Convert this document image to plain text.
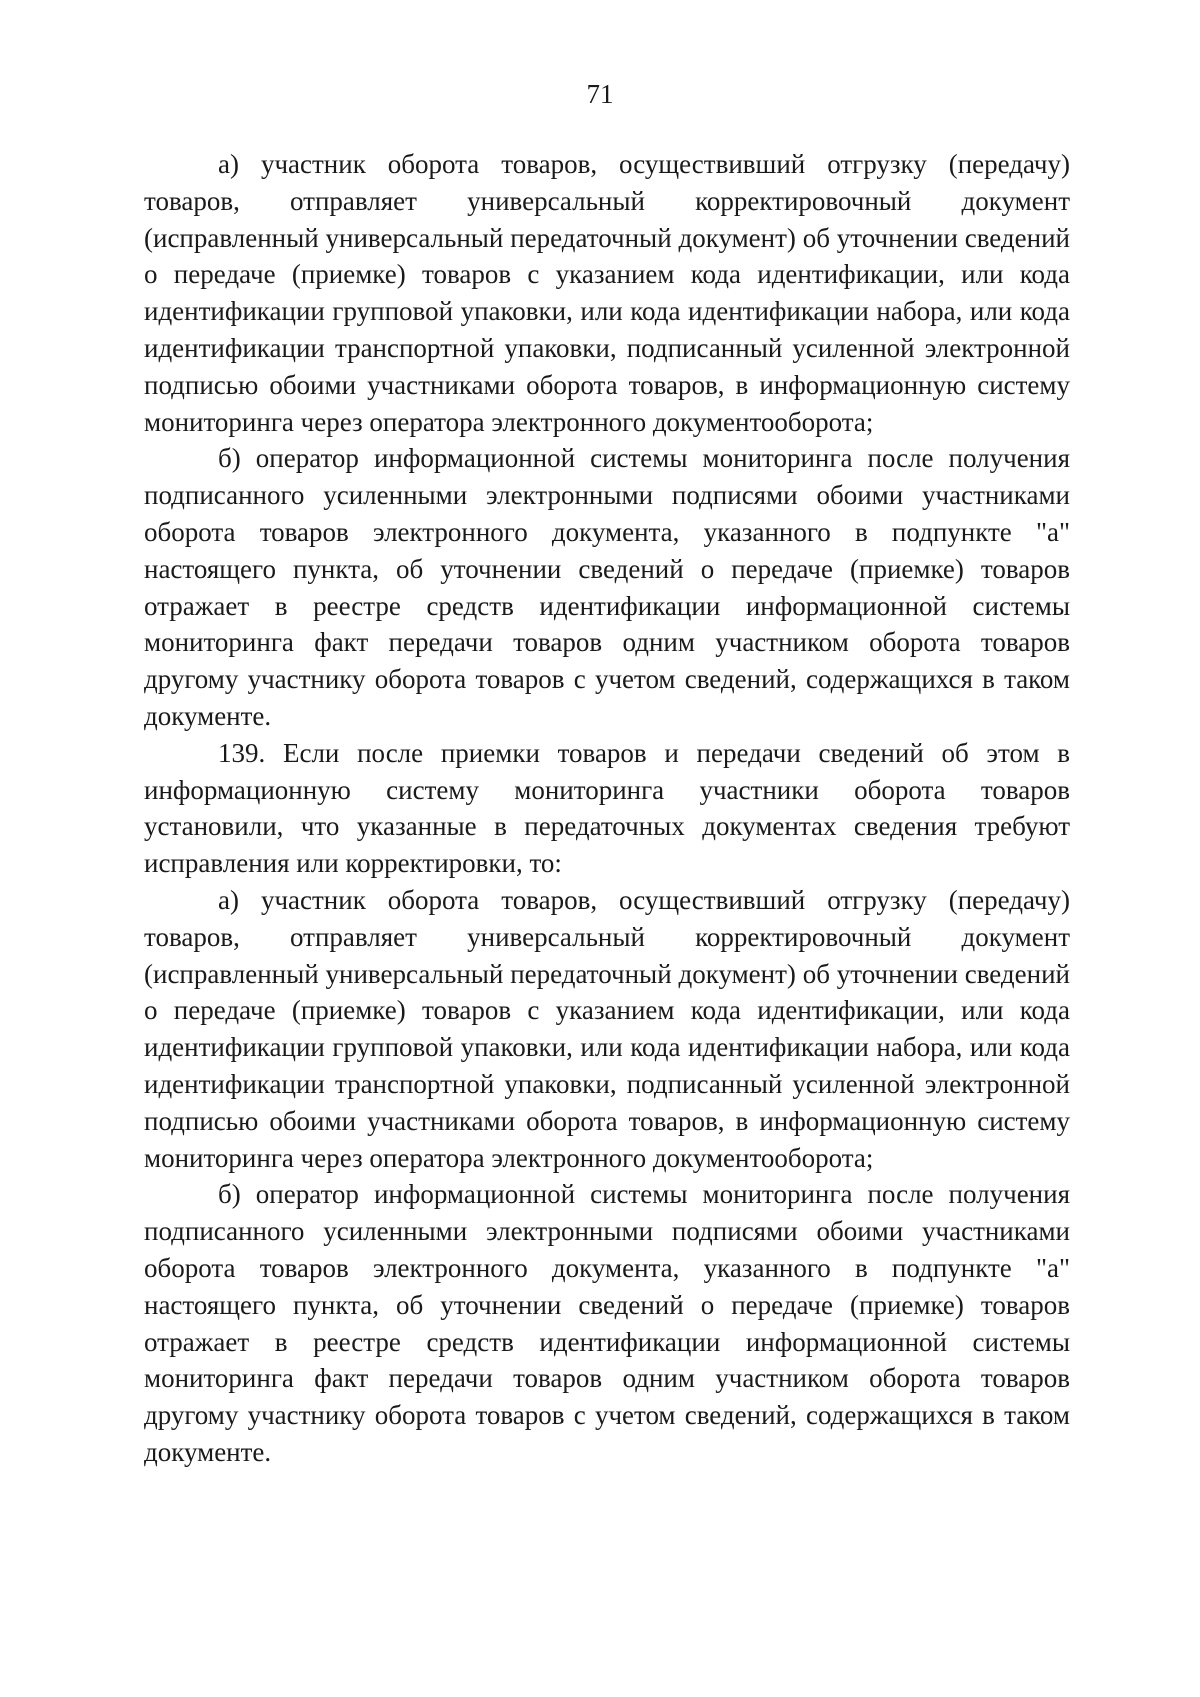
71

а) участник оборота товаров, осуществивший отгрузку (передачу) товаров, отправляет универсальный корректировочный документ (исправленный универсальный передаточный документ) об уточнении сведений о передаче (приемке) товаров с указанием кода идентификации, или кода идентификации групповой упаковки, или кода идентификации набора, или кода идентификации транспортной упаковки, подписанный усиленной электронной подписью обоими участниками оборота товаров, в информационную систему мониторинга через оператора электронного документооборота;

б) оператор информационной системы мониторинга после получения подписанного усиленными электронными подписями обоими участниками оборота товаров электронного документа, указанного в подпункте "а" настоящего пункта, об уточнении сведений о передаче (приемке) товаров отражает в реестре средств идентификации информационной системы мониторинга факт передачи товаров одним участником оборота товаров другому участнику оборота товаров с учетом сведений, содержащихся в таком документе.

139. Если после приемки товаров и передачи сведений об этом в информационную систему мониторинга участники оборота товаров установили, что указанные в передаточных документах сведения требуют исправления или корректировки, то:

а) участник оборота товаров, осуществивший отгрузку (передачу) товаров, отправляет универсальный корректировочный документ (исправленный универсальный передаточный документ) об уточнении сведений о передаче (приемке) товаров с указанием кода идентификации, или кода идентификации групповой упаковки, или кода идентификации набора, или кода идентификации транспортной упаковки, подписанный усиленной электронной подписью обоими участниками оборота товаров, в информационную систему мониторинга через оператора электронного документооборота;

б) оператор информационной системы мониторинга после получения подписанного усиленными электронными подписями обоими участниками оборота товаров электронного документа, указанного в подпункте "а" настоящего пункта, об уточнении сведений о передаче (приемке) товаров отражает в реестре средств идентификации информационной системы мониторинга факт передачи товаров одним участником оборота товаров другому участнику оборота товаров с учетом сведений, содержащихся в таком документе.
